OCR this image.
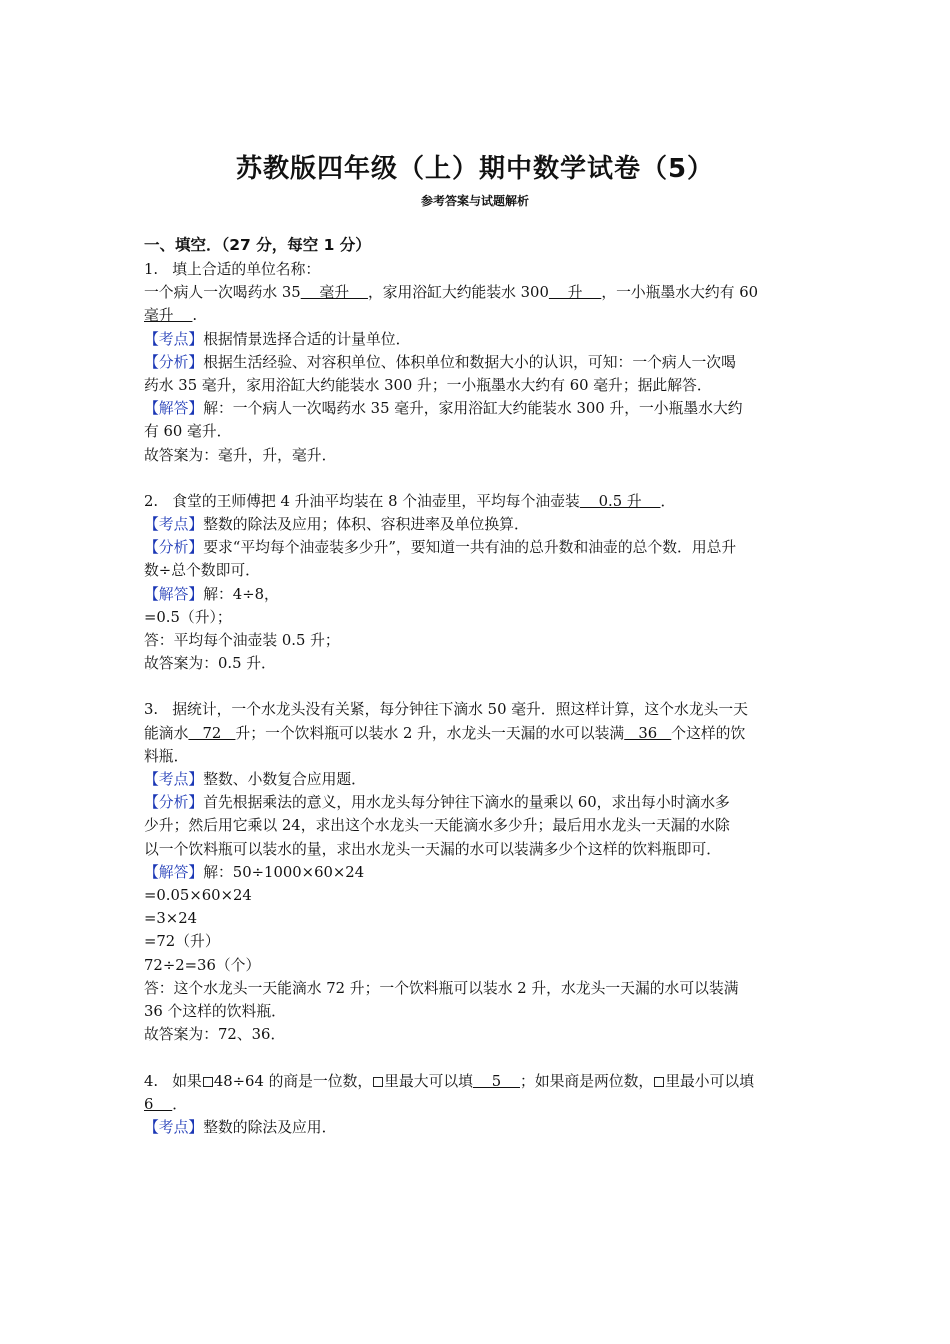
苏教版四年级（上）期中数学试卷（5）
参考答案与试题解析
一、填空．（27 分，每空 1 分）
1.   填上合适的单位名称：
一个病人一次喝药水 35    毫升    ，家用浴缸大约能装水 300    升    ，一小瓶墨水大约有 60
毫升    .
【考点】根据情景选择合适的计量单位．
【分析】根据生活经验、对容积单位、体积单位和数据大小的认识，可知：一个病人一次喝
药水 35 毫升，家用浴缸大约能装水 300 升；一小瓶墨水大约有 60 毫升；据此解答．
【解答】解：一个病人一次喝药水 35 毫升，家用浴缸大约能装水 300 升，一小瓶墨水大约
有 60 毫升．
故答案为：毫升，升，毫升．
2.   食堂的王师傅把 4 升油平均装在 8 个油壶里，平均每个油壶装    0.5 升    ．
【考点】整数的除法及应用；体积、容积进率及单位换算．
【分析】要求“平均每个油壶装多少升”，要知道一共有油的总升数和油壶的总个数．用总升
数÷总个数即可．
【解答】解：4÷8，
=0.5（升）；
答：平均每个油壶装 0.5 升；
故答案为：0.5 升．
3.   据统计，一个水龙头没有关紧，每分钟往下滴水 50 毫升．照这样计算，这个水龙头一天
能滴水   72   升；一个饮料瓶可以装水 2 升，水龙头一天漏的水可以装满   36   个这样的饮
料瓶．
【考点】整数、小数复合应用题．
【分析】首先根据乘法的意义，用水龙头每分钟往下滴水的量乘以 60，求出每小时滴水多
少升；然后用它乘以 24，求出这个水龙头一天能滴水多少升；最后用水龙头一天漏的水除
以一个饮料瓶可以装水的量，求出水龙头一天漏的水可以装满多少个这样的饮料瓶即可．
【解答】解：50÷1000×60×24
=0.05×60×24
=3×24
=72（升）
72÷2=36（个）
答：这个水龙头一天能滴水 72 升；一个饮料瓶可以装水 2 升，水龙头一天漏的水可以装满
36 个这样的饮料瓶．
故答案为：72、36．
4.   如果 48÷64 的商是一位数， 里最大可以填    5    ；如果商是两位数， 里最小可以填
6    ．
【考点】整数的除法及应用．
